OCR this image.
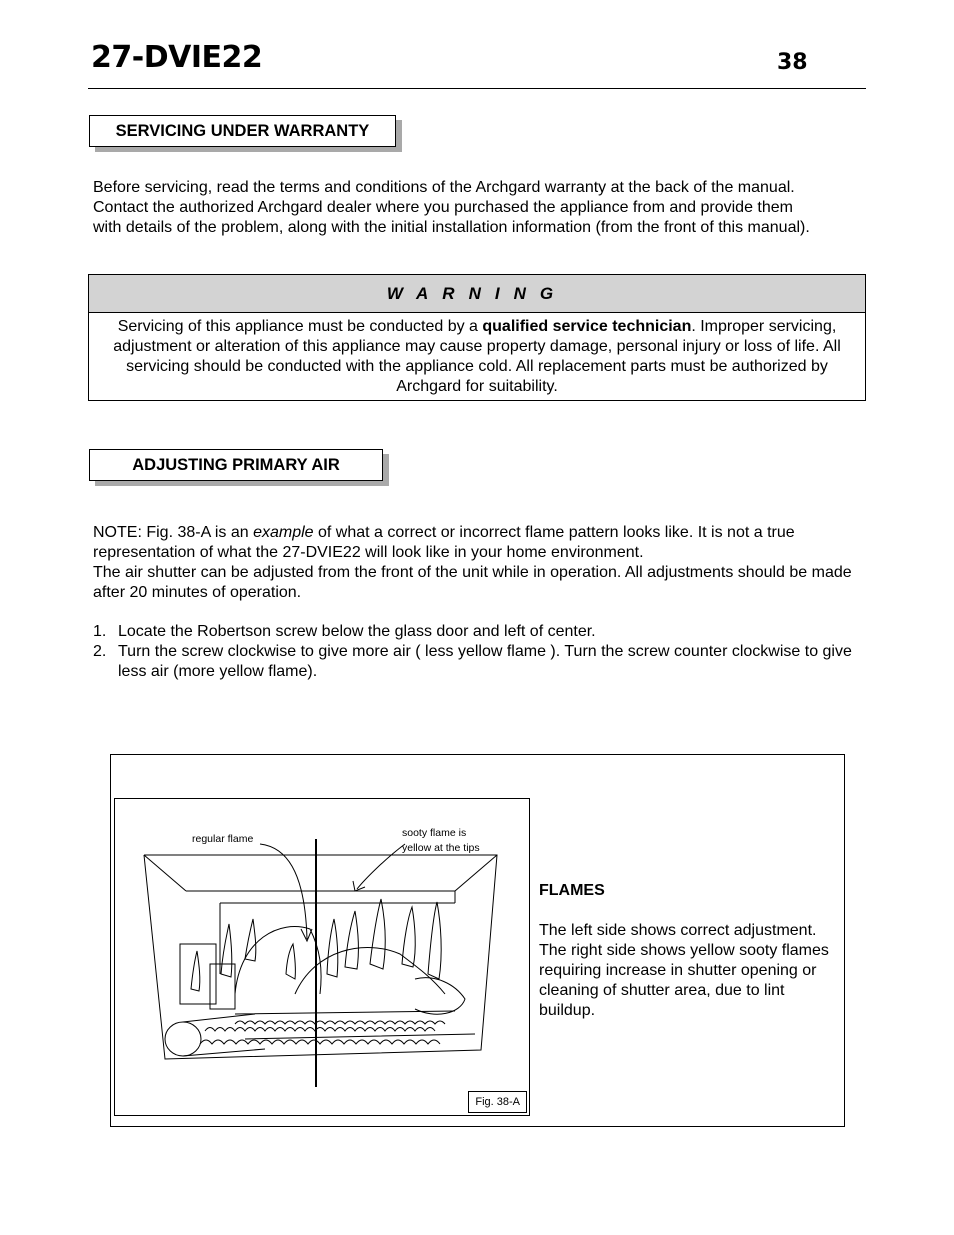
27-DVIE22	38
SERVICING UNDER WARRANTY

Before servicing, read the terms and conditions of the Archgard warranty at the back of the manual.

Contact the authorized Archgard dealer where you purchased the appliance from and provide them

with details of the problem, along with the initial installation information (from the front of this manual).

WARNING
Servicing of this appliance must be conducted by a qualified service technician. Improper servicing, adjustment or alteration of this appliance may cause property damage, personal injury or loss of life. All servicing should be conducted with the appliance cold. All replacement parts must be authorized by Archgard for suitability.
ADJUSTING PRIMARY AIR

NOTE: Fig. 38-A is an example of what a correct or incorrect flame pattern looks like. It is not a true representation of what the 27-DVIE22 will look like in your home environment.

The air shutter can be adjusted from the front of the unit while in operation. All adjustments should be made after 20 minutes of operation.

1. Locate the Robertson screw below the glass door and left of center.
2. Turn the screw clockwise to give more air ( less yellow flame ). Turn the screw counter clockwise to give less air (more yellow flame).
regular flame	sooty flame is
yellow at the tips
Fig. 38-A
FLAMES
The left side shows correct adjustment. The right side shows yellow sooty flames requiring increase in shutter opening or cleaning of shutter area, due to lint buildup.
